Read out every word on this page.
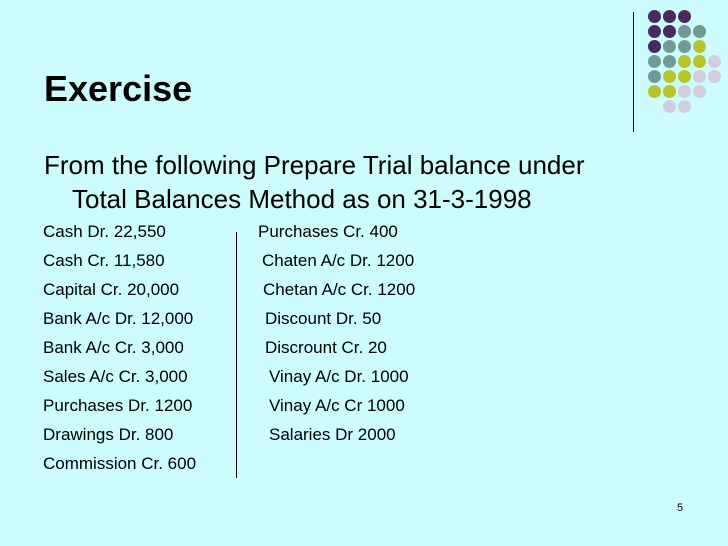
Exercise

From the following Prepare Trial balance under
Total Balances Method as on 31-3-1998

Cash Dr. 22,550	Purchases Cr. 400
Cash Cr. 11,580	Chaten A/c Dr. 1200
Capital Cr. 20,000	Chetan A/c Cr. 1200
Bank A/c Dr. 12,000	Discount Dr. 50
Bank A/c Cr. 3,000	Discrount Cr. 20
Sales A/c Cr. 3,000	Vinay A/c Dr. 1000
Purchases Dr. 1200	Vinay A/c Cr 1000
Drawings Dr. 800	Salaries Dr 2000
Commission Cr. 600
5
